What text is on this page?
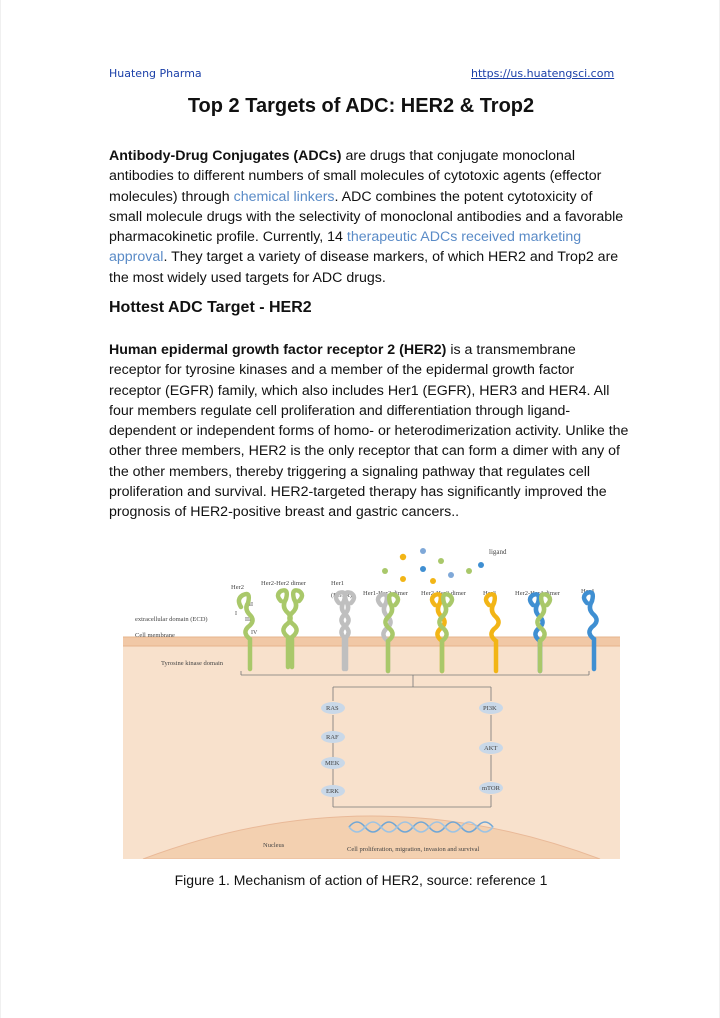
Huateng Pharma	https://us.huatengsci.com
Top 2 Targets of ADC: HER2 & Trop2

Antibody-Drug Conjugates (ADCs) are drugs that conjugate monoclonal antibodies to different numbers of small molecules of cytotoxic agents (effector molecules) through chemical linkers. ADC combines the potent cytotoxicity of small molecule drugs with the selectivity of monoclonal antibodies and a favorable pharmacokinetic profile. Currently, 14 therapeutic ADCs received marketing approval. They target a variety of disease markers, of which HER2 and Trop2 are the most widely used targets for ADC drugs.

Hottest ADC Target - HER2

Human epidermal growth factor receptor 2 (HER2) is a transmembrane receptor for tyrosine kinases and a member of the epidermal growth factor receptor (EGFR) family, which also includes Her1 (EGFR), HER3 and HER4. All four members regulate cell proliferation and differentiation through ligand-dependent or independent forms of homo- or heterodimerization activity. Unlike the other three members, HER2 is the only receptor that can form a dimer with any of the other members, thereby triggering a signaling pathway that regulates cell proliferation and survival. HER2-targeted therapy has significantly improved the prognosis of HER2-positive breast and gastric cancers..

ligand
Her2
Her2-Her2 dimer	Her1
(EGFR) Her1-Her2 dimer Her2-Her3 dimer	Her3	Her2-Her4 dimer	Her4
II
I
III
IV
extracellular domain (ECD)
Cell membrane
Tyrosine kinase domain
RAS
RAF
MEK
ERK
PI3K
AKT
mTOR
Nucleus
Cell proliferation, migration, invasion and survival
Figure 1. Mechanism of action of HER2, source: reference 1
